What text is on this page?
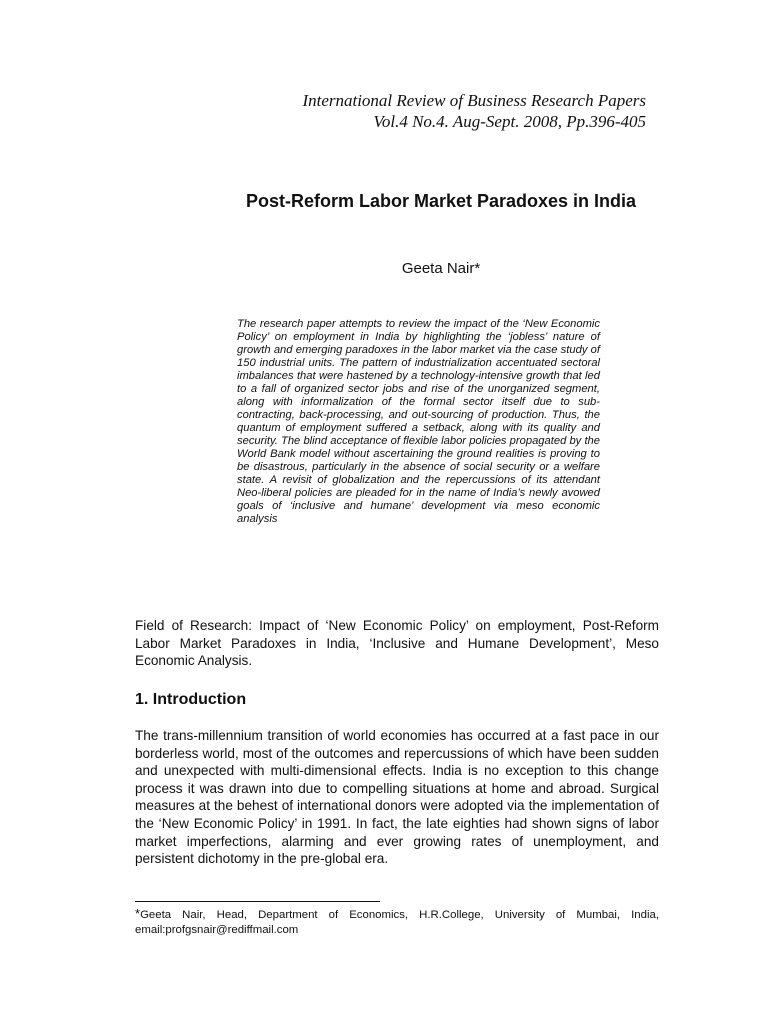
International Review of Business Research Papers
Vol.4 No.4. Aug-Sept. 2008, Pp.396-405
Post-Reform Labor Market Paradoxes in India
Geeta Nair*

The research paper attempts to review the impact of the ‘New Economic Policy’ on employment in India by highlighting the ‘jobless’ nature of growth and emerging paradoxes in the labor market via the case study of 150 industrial units. The pattern of industrialization accentuated sectoral imbalances that were hastened by a technology-intensive growth that led to a fall of organized sector jobs and rise of the unorganized segment, along with informalization of the formal sector itself due to sub-contracting, back-processing, and out-sourcing of production. Thus, the quantum of employment suffered a setback, along with its quality and security. The blind acceptance of flexible labor policies propagated by the World Bank model without ascertaining the ground realities is proving to be disastrous, particularly in the absence of social security or a welfare state. A revisit of globalization and the repercussions of its attendant Neo-liberal policies are pleaded for in the name of India’s newly avowed goals of ‘inclusive and humane’ development via meso economic analysis

Field of Research: Impact of ‘New Economic Policy’ on employment, Post-Reform Labor Market Paradoxes in India, ‘Inclusive and Humane Development’, Meso Economic Analysis.

1. Introduction

The trans-millennium transition of world economies has occurred at a fast pace in our borderless world, most of the outcomes and repercussions of which have been sudden and unexpected with multi-dimensional effects. India is no exception to this change process it was drawn into due to compelling situations at home and abroad. Surgical measures at the behest of international donors were adopted via the implementation of the ‘New Economic Policy’ in 1991. In fact, the late eighties had shown signs of labor market imperfections, alarming and ever growing rates of unemployment, and persistent dichotomy in the pre-global era.

*Geeta Nair, Head, Department of Economics, H.R.College, University of Mumbai, India, email:profgsnair@rediffmail.com
